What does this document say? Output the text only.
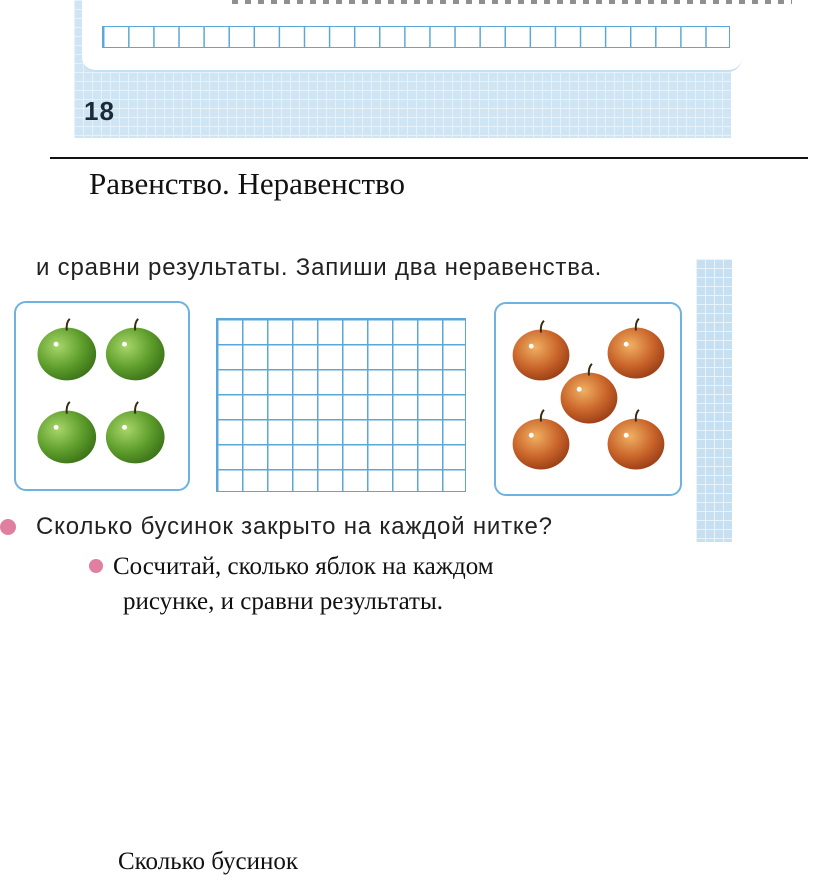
18
Равенство. Неравенство
и сравни результаты. Запиши два неравенства.
Сколько бусинок закрыто на каждой нитке?
Сосчитай, сколько яблок на каждом
рисунке, и сравни результаты.
Сколько бусинок
